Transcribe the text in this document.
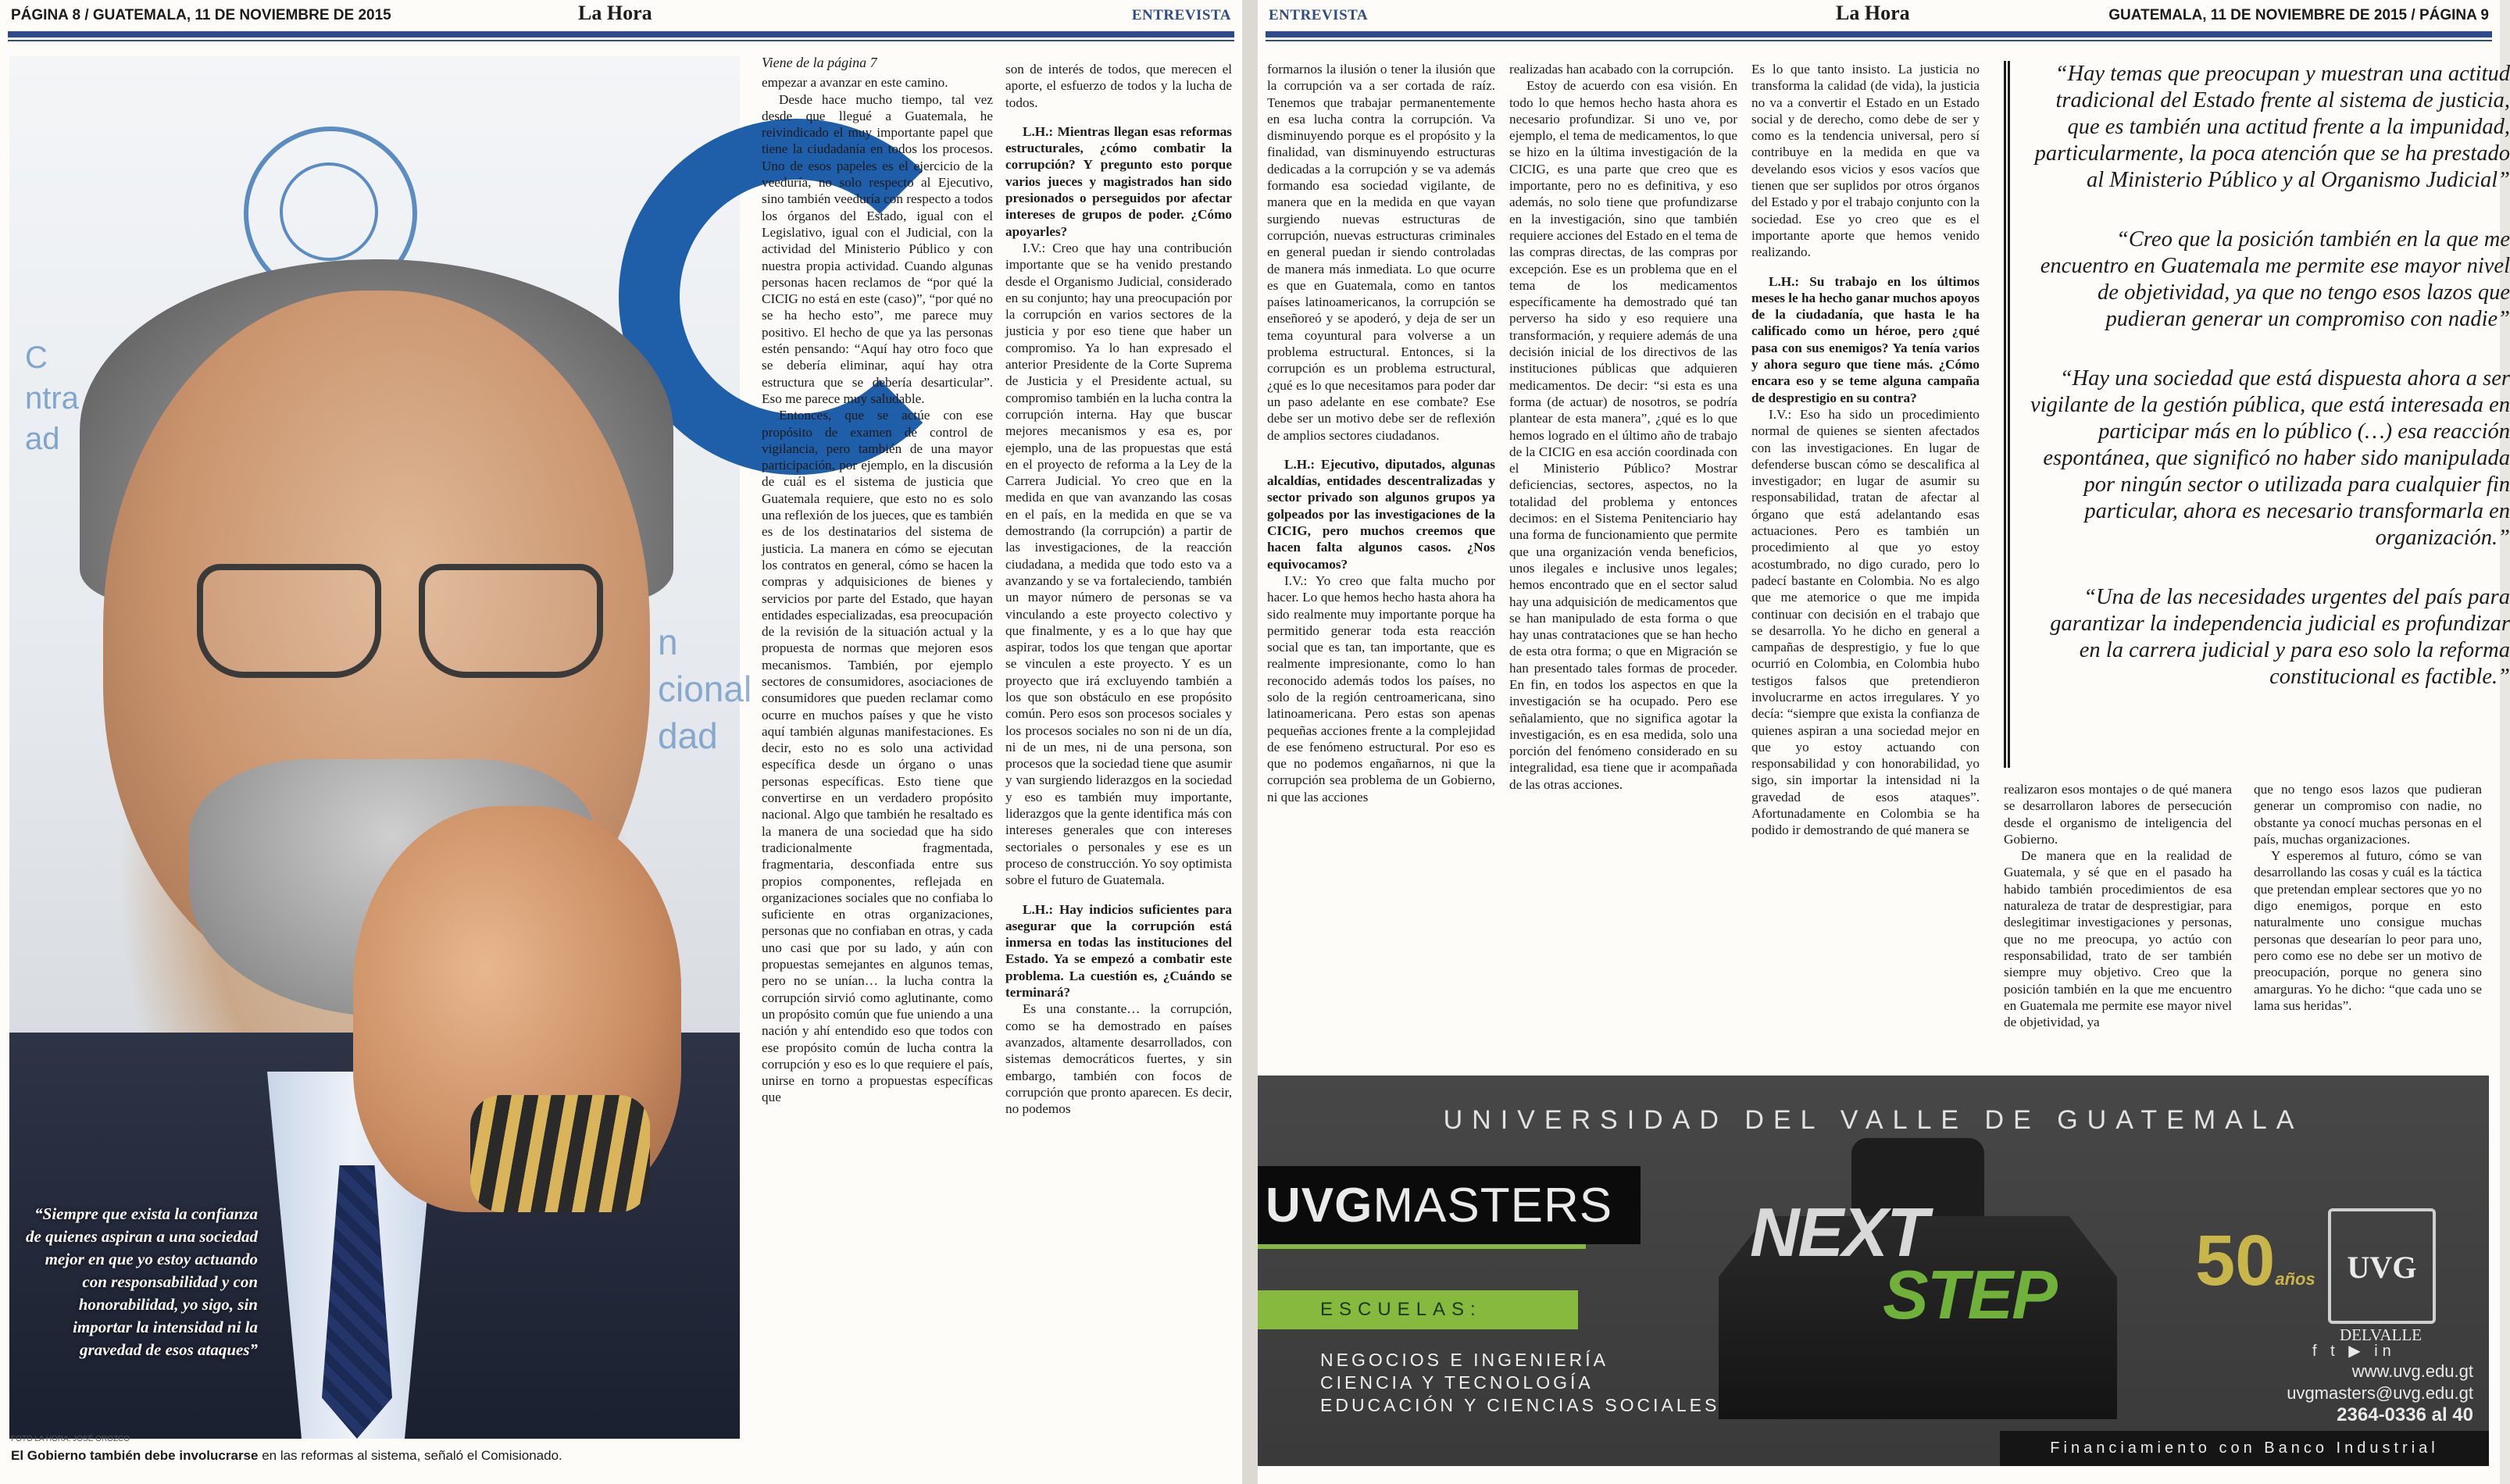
PÁGINA 8 / GUATEMALA, 11 DE NOVIEMBRE DE 2015	La Hora	ENTREVISTA
C
ntra
ad
n
cional
dad
“Siempre que exista la confianza de quienes aspiran a una sociedad mejor en que yo estoy actuando con responsabilidad y con honorabilidad, yo sigo, sin importar la intensidad ni la gravedad de esos ataques”
FOTO LA HORA: JOSÉ OROZCO
El Gobierno también debe involucrarse en las reformas al sistema, señaló el Comisionado.
Viene de la página 7

empezar a avanzar en este camino.

Desde hace mucho tiempo, tal vez desde que llegué a Guatemala, he reivindicado el muy importante papel que tiene la ciudadanía en todos los procesos. Uno de esos papeles es el ejercicio de la veeduría, no solo respecto al Ejecutivo, sino también veeduría con respecto a todos los órganos del Estado, igual con el Legislativo, igual con el Judicial, con la actividad del Ministerio Público y con nuestra propia actividad. Cuando algunas personas hacen reclamos de “por qué la CICIG no está en este (caso)”, “por qué no se ha hecho esto”, me parece muy positivo. El hecho de que ya las personas estén pensando: “Aquí hay otro foco que se debería eliminar, aquí hay otra estructura que se debería desarticular”. Eso me parece muy saludable.

Entonces, que se actúe con ese propósito de examen de control de vigilancia, pero también de una mayor participación, por ejemplo, en la discusión de cuál es el sistema de justicia que Guatemala requiere, que esto no es solo una reflexión de los jueces, que es también es de los destinatarios del sistema de justicia. La manera en cómo se ejecutan los contratos en general, cómo se hacen la compras y adquisiciones de bienes y servicios por parte del Estado, que hayan entidades especializadas, esa preocupación de la revisión de la situación actual y la propuesta de normas que mejoren esos mecanismos. También, por ejemplo sectores de consumidores, asociaciones de consumidores que pueden reclamar como ocurre en muchos países y que he visto aquí también algunas manifestaciones. Es decir, esto no es solo una actividad específica desde un órgano o unas personas específicas. Esto tiene que convertirse en un verdadero propósito nacional. Algo que también he resaltado es la manera de una sociedad que ha sido tradicionalmente fragmentada, fragmentaria, desconfiada entre sus propios componentes, reflejada en organizaciones sociales que no confiaba lo suficiente en otras organizaciones, personas que no confiaban en otras, y cada uno casi que por su lado, y aún con propuestas semejantes en algunos temas, pero no se unían… la lucha contra la corrupción sirvió como aglutinante, como un propósito común que fue uniendo a una nación y ahí entendido eso que todos con ese propósito común de lucha contra la corrupción y eso es lo que requiere el país, unirse en torno a propuestas específicas que

son de interés de todos, que merecen el aporte, el esfuerzo de todos y la lucha de todos.

L.H.: Mientras llegan esas reformas estructurales, ¿cómo combatir la corrupción? Y pregunto esto porque varios jueces y magistrados han sido presionados o perseguidos por afectar intereses de grupos de poder. ¿Cómo apoyarles?

I.V.: Creo que hay una contribución importante que se ha venido prestando desde el Organismo Judicial, considerado en su conjunto; hay una preocupación por la corrupción en varios sectores de la justicia y por eso tiene que haber un compromiso. Ya lo han expresado el anterior Presidente de la Corte Suprema de Justicia y el Presidente actual, su compromiso también en la lucha contra la corrupción interna. Hay que buscar mejores mecanismos y esa es, por ejemplo, una de las propuestas que está en el proyecto de reforma a la Ley de la Carrera Judicial. Yo creo que en la medida en que van avanzando las cosas en el país, en la medida en que se va demostrando (la corrupción) a partir de las investigaciones, de la reacción ciudadana, a medida que todo esto va a avanzando y se va fortaleciendo, también un mayor número de personas se va vinculando a este proyecto colectivo y que finalmente, y es a lo que hay que aspirar, todos los que tengan que aportar se vinculen a este proyecto. Y es un proyecto que irá excluyendo también a los que son obstáculo en ese propósito común. Pero esos son procesos sociales y los procesos sociales no son ni de un día, ni de un mes, ni de una persona, son procesos que la sociedad tiene que asumir y van surgiendo liderazgos en la sociedad y eso es también muy importante, liderazgos que la gente identifica más con intereses generales que con intereses sectoriales o personales y ese es un proceso de construcción. Yo soy optimista sobre el futuro de Guatemala.

L.H.: Hay indicios suficientes para asegurar que la corrupción está inmersa en todas las instituciones del Estado. Ya se empezó a combatir este problema. La cuestión es, ¿Cuándo se terminará?

Es una constante… la corrupción, como se ha demostrado en países avanzados, altamente desarrollados, con sistemas democráticos fuertes, y sin embargo, también con focos de corrupción que pronto aparecen. Es decir, no podemos

ENTREVISTA	La Hora	GUATEMALA, 11 DE NOVIEMBRE DE 2015 / PÁGINA 9

formarnos la ilusión o tener la ilusión que la corrupción va a ser cortada de raíz. Tenemos que trabajar permanentemente en esa lucha contra la corrupción. Va disminuyendo porque es el propósito y la finalidad, van disminuyendo estructuras dedicadas a la corrupción y se va además formando esa sociedad vigilante, de manera que en la medida en que vayan surgiendo nuevas estructuras de corrupción, nuevas estructuras criminales en general puedan ir siendo controladas de manera más inmediata. Lo que ocurre es que en Guatemala, como en tantos países latinoamericanos, la corrupción se enseñoreó y se apoderó, y deja de ser un tema coyuntural para volverse a un problema estructural. Entonces, si la corrupción es un problema estructural, ¿qué es lo que necesitamos para poder dar un paso adelante en ese combate? Ese debe ser un motivo debe ser de reflexión de amplios sectores ciudadanos.

L.H.: Ejecutivo, diputados, algunas alcaldías, entidades descentralizadas y sector privado son algunos grupos ya golpeados por las investigaciones de la CICIG, pero muchos creemos que hacen falta algunos casos. ¿Nos equivocamos?

I.V.: Yo creo que falta mucho por hacer. Lo que hemos hecho hasta ahora ha sido realmente muy importante porque ha permitido generar toda esta reacción social que es tan, tan importante, que es realmente impresionante, como lo han reconocido además todos los países, no solo de la región centroamericana, sino latinoamericana. Pero estas son apenas pequeñas acciones frente a la complejidad de ese fenómeno estructural. Por eso es que no podemos engañarnos, ni que la corrupción sea problema de un Gobierno, ni que las acciones

realizadas han acabado con la corrupción.

Estoy de acuerdo con esa visión. En todo lo que hemos hecho hasta ahora es necesario profundizar. Si uno ve, por ejemplo, el tema de medicamentos, lo que se hizo en la última investigación de la CICIG, es una parte que creo que es importante, pero no es definitiva, y eso además, no solo tiene que profundizarse en la investigación, sino que también requiere acciones del Estado en el tema de las compras directas, de las compras por excepción. Ese es un problema que en el tema de los medicamentos específicamente ha demostrado qué tan perverso ha sido y eso requiere una transformación, y requiere además de una decisión inicial de los directivos de las instituciones públicas que adquieren medicamentos. De decir: “si esta es una forma (de actuar) de nosotros, se podría plantear de esta manera”, ¿qué es lo que hemos logrado en el último año de trabajo de la CICIG en esa acción coordinada con el Ministerio Público? Mostrar deficiencias, sectores, aspectos, no la totalidad del problema y entonces decimos: en el Sistema Penitenciario hay una forma de funcionamiento que permite que una organización venda beneficios, unos ilegales e inclusive unos legales; hemos encontrado que en el sector salud hay una adquisición de medicamentos que se han manipulado de esta forma o que hay unas contrataciones que se han hecho de esta otra forma; o que en Migración se han presentado tales formas de proceder. En fin, en todos los aspectos en que la investigación se ha ocupado. Pero ese señalamiento, que no significa agotar la investigación, es en esa medida, solo una porción del fenómeno considerado en su integralidad, esa tiene que ir acompañada de las otras acciones.

Es lo que tanto insisto. La justicia no transforma la calidad (de vida), la justicia no va a convertir el Estado en un Estado social y de derecho, como debe de ser y como es la tendencia universal, pero sí contribuye en la medida en que va develando esos vicios y esos vacíos que tienen que ser suplidos por otros órganos del Estado y por el trabajo conjunto con la sociedad. Ese yo creo que es el importante aporte que hemos venido realizando.

L.H.: Su trabajo en los últimos meses le ha hecho ganar muchos apoyos de la ciudadanía, que hasta le ha calificado como un héroe, pero ¿qué pasa con sus enemigos? Ya tenía varios y ahora seguro que tiene más. ¿Cómo encara eso y se teme alguna campaña de desprestigio en su contra?

I.V.: Eso ha sido un procedimiento normal de quienes se sienten afectados con las investigaciones. En lugar de defenderse buscan cómo se descalifica al investigador; en lugar de asumir su responsabilidad, tratan de afectar al órgano que está adelantando esas actuaciones. Pero es también un procedimiento al que yo estoy acostumbrado, no digo curado, pero lo padecí bastante en Colombia. No es algo que me atemorice o que me impida continuar con decisión en el trabajo que se desarrolla. Yo he dicho en general a campañas de desprestigio, y fue lo que ocurrió en Colombia, en Colombia hubo testigos falsos que pretendieron involucrarme en actos irregulares. Y yo decía: “siempre que exista la confianza de quienes aspiran a una sociedad mejor en que yo estoy actuando con responsabilidad y con honorabilidad, yo sigo, sin importar la intensidad ni la gravedad de esos ataques”. Afortunadamente en Colombia se ha podido ir demostrando de qué manera se

“Hay temas que preocupan y muestran una actitud tradicional del Estado frente al sistema de justicia, que es también una actitud frente a la impunidad, particularmente, la poca atención que se ha prestado al Ministerio Público y al Organismo Judicial”

“Creo que la posición también en la que me encuentro en Guatemala me permite ese mayor nivel de objetividad, ya que no tengo esos lazos que pudieran generar un compromiso con nadie”

“Hay una sociedad que está dispuesta ahora a ser vigilante de la gestión pública, que está interesada en participar más en lo público (…) esa reacción espontánea, que significó no haber sido manipulada por ningún sector o utilizada para cualquier fin particular, ahora es necesario transformarla en organización.”

“Una de las necesidades urgentes del país para garantizar la independencia judicial es profundizar en la carrera judicial y para eso solo la reforma constitucional es factible.”

realizaron esos montajes o de qué manera se desarrollaron labores de persecución desde el organismo de inteligencia del Gobierno.

De manera que en la realidad de Guatemala, y sé que en el pasado ha habido también procedimientos de esa naturaleza de tratar de desprestigiar, para deslegitimar investigaciones y personas, que no me preocupa, yo actúo con responsabilidad, trato de ser también siempre muy objetivo. Creo que la posición también en la que me encuentro en Guatemala me permite ese mayor nivel de objetividad, ya

que no tengo esos lazos que pudieran generar un compromiso con nadie, no obstante ya conocí muchas personas en el país, muchas organizaciones.

Y esperemos al futuro, cómo se van desarrollando las cosas y cuál es la táctica que pretendan emplear sectores que yo no digo enemigos, porque en esto naturalmente uno consigue muchas personas que desearían lo peor para uno, pero como ese no debe ser un motivo de preocupación, porque no genera sino amarguras. Yo he dicho: “que cada uno se lama sus heridas”.

UNIVERSIDAD DEL VALLE DE GUATEMALA
UVG MASTERS
ESCUELAS:
NEGOCIOS E INGENIERÍA
CIENCIA Y TECNOLOGÍA
EDUCACIÓN Y CIENCIAS SOCIALES
NEXT
STEP 50años	UVG
DELVALLE
f t ▶ in
www.uvg.edu.gt
uvgmasters@uvg.edu.gt
2364-0336 al 40
Financiamiento con Banco Industrial
